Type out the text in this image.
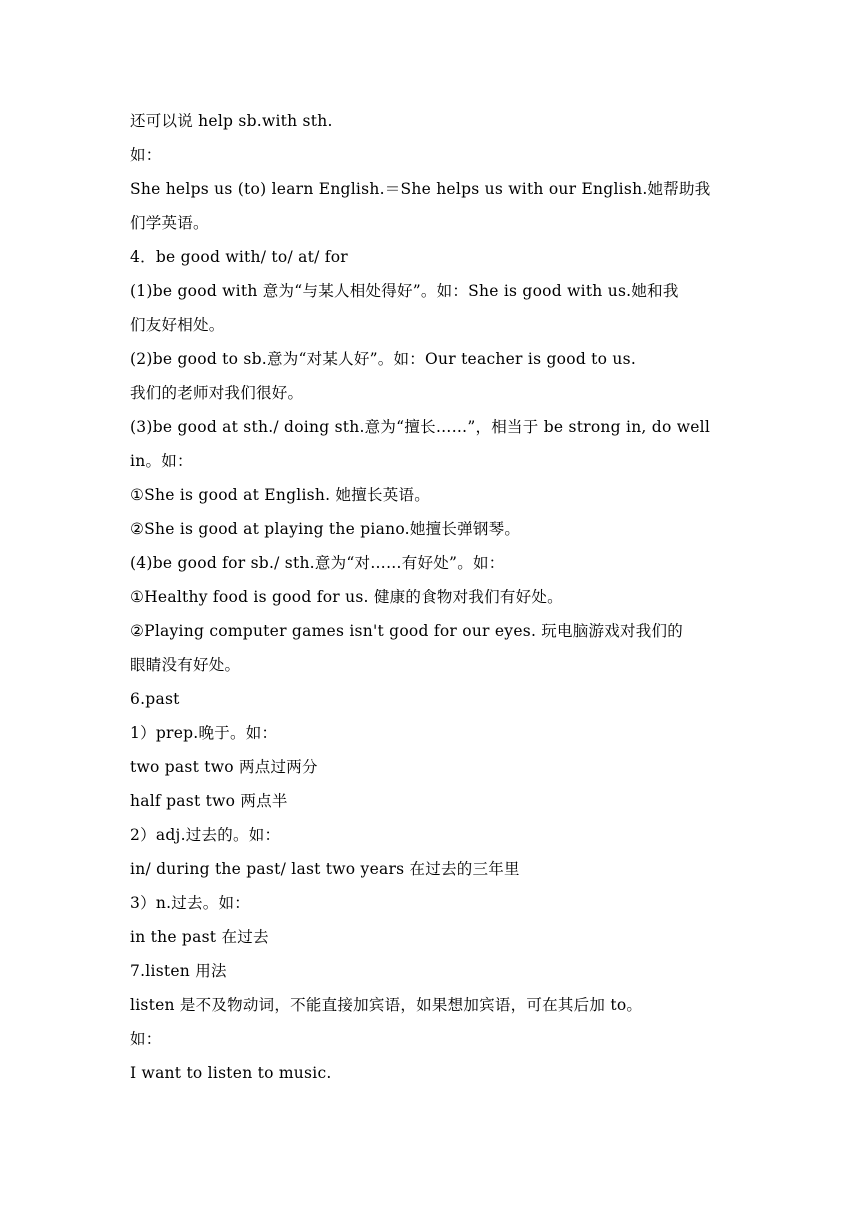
还可以说 help sb.with sth.
如：
She helps us (to) learn English.＝She helps us with our English.她帮助我
们学英语。
4．be good with/ to/ at/ for
(1)be good with 意为“与某人相处得好”。如：She is good with us.她和我
们友好相处。
(2)be good to sb.意为“对某人好”。如：Our teacher is good to us.
我们的老师对我们很好。
(3)be good at sth./ doing sth.意为“擅长……”，相当于 be strong in, do well
in。如：
①She is good at English. 她擅长英语。
②She is good at playing the piano.她擅长弹钢琴。
(4)be good for sb./ sth.意为“对……有好处”。如：
①Healthy food is good for us. 健康的食物对我们有好处。
②Playing computer games isn't good for our eyes. 玩电脑游戏对我们的
眼睛没有好处。
6.past
1）prep.晚于。如：
two past two 两点过两分
half past two 两点半
2）adj.过去的。如：
in/ during the past/ last two years 在过去的三年里
3）n.过去。如：
in the past 在过去
7.listen 用法
listen 是不及物动词，不能直接加宾语，如果想加宾语，可在其后加 to。
如：
I want to listen to music.
